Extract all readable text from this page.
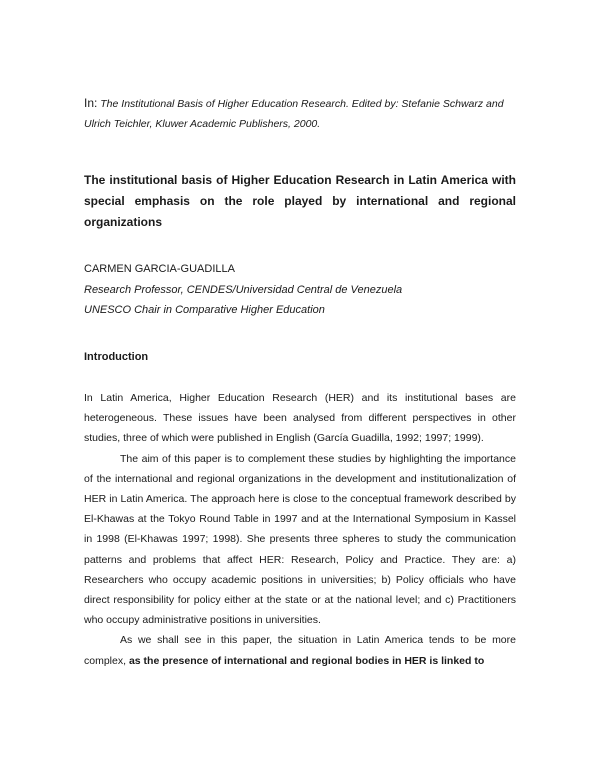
In: The Institutional Basis of Higher Education Research. Edited by: Stefanie Schwarz and Ulrich Teichler, Kluwer Academic Publishers, 2000.
The institutional basis of Higher Education Research in Latin America with special emphasis on the role played by international and regional organizations
CARMEN GARCIA-GUADILLA
Research Professor, CENDES/Universidad Central de Venezuela
UNESCO Chair in Comparative Higher Education
Introduction

In Latin America, Higher Education Research (HER) and its institutional bases are heterogeneous. These issues have been analysed from different perspectives in other studies, three of which were published in English (García Guadilla, 1992; 1997; 1999).

The aim of this paper is to complement these studies by highlighting the importance of the international and regional organizations in the development and institutionalization of HER in Latin America. The approach here is close to the conceptual framework described by El-Khawas at the Tokyo Round Table in 1997 and at the International Symposium in Kassel in 1998 (El-Khawas 1997; 1998). She presents three spheres to study the communication patterns and problems that affect HER: Research, Policy and Practice. They are: a) Researchers who occupy academic positions in universities; b) Policy officials who have direct responsibility for policy either at the state or at the national level; and c) Practitioners who occupy administrative positions in universities.

As we shall see in this paper, the situation in Latin America tends to be more complex, as the presence of international and regional bodies in HER is linked to
